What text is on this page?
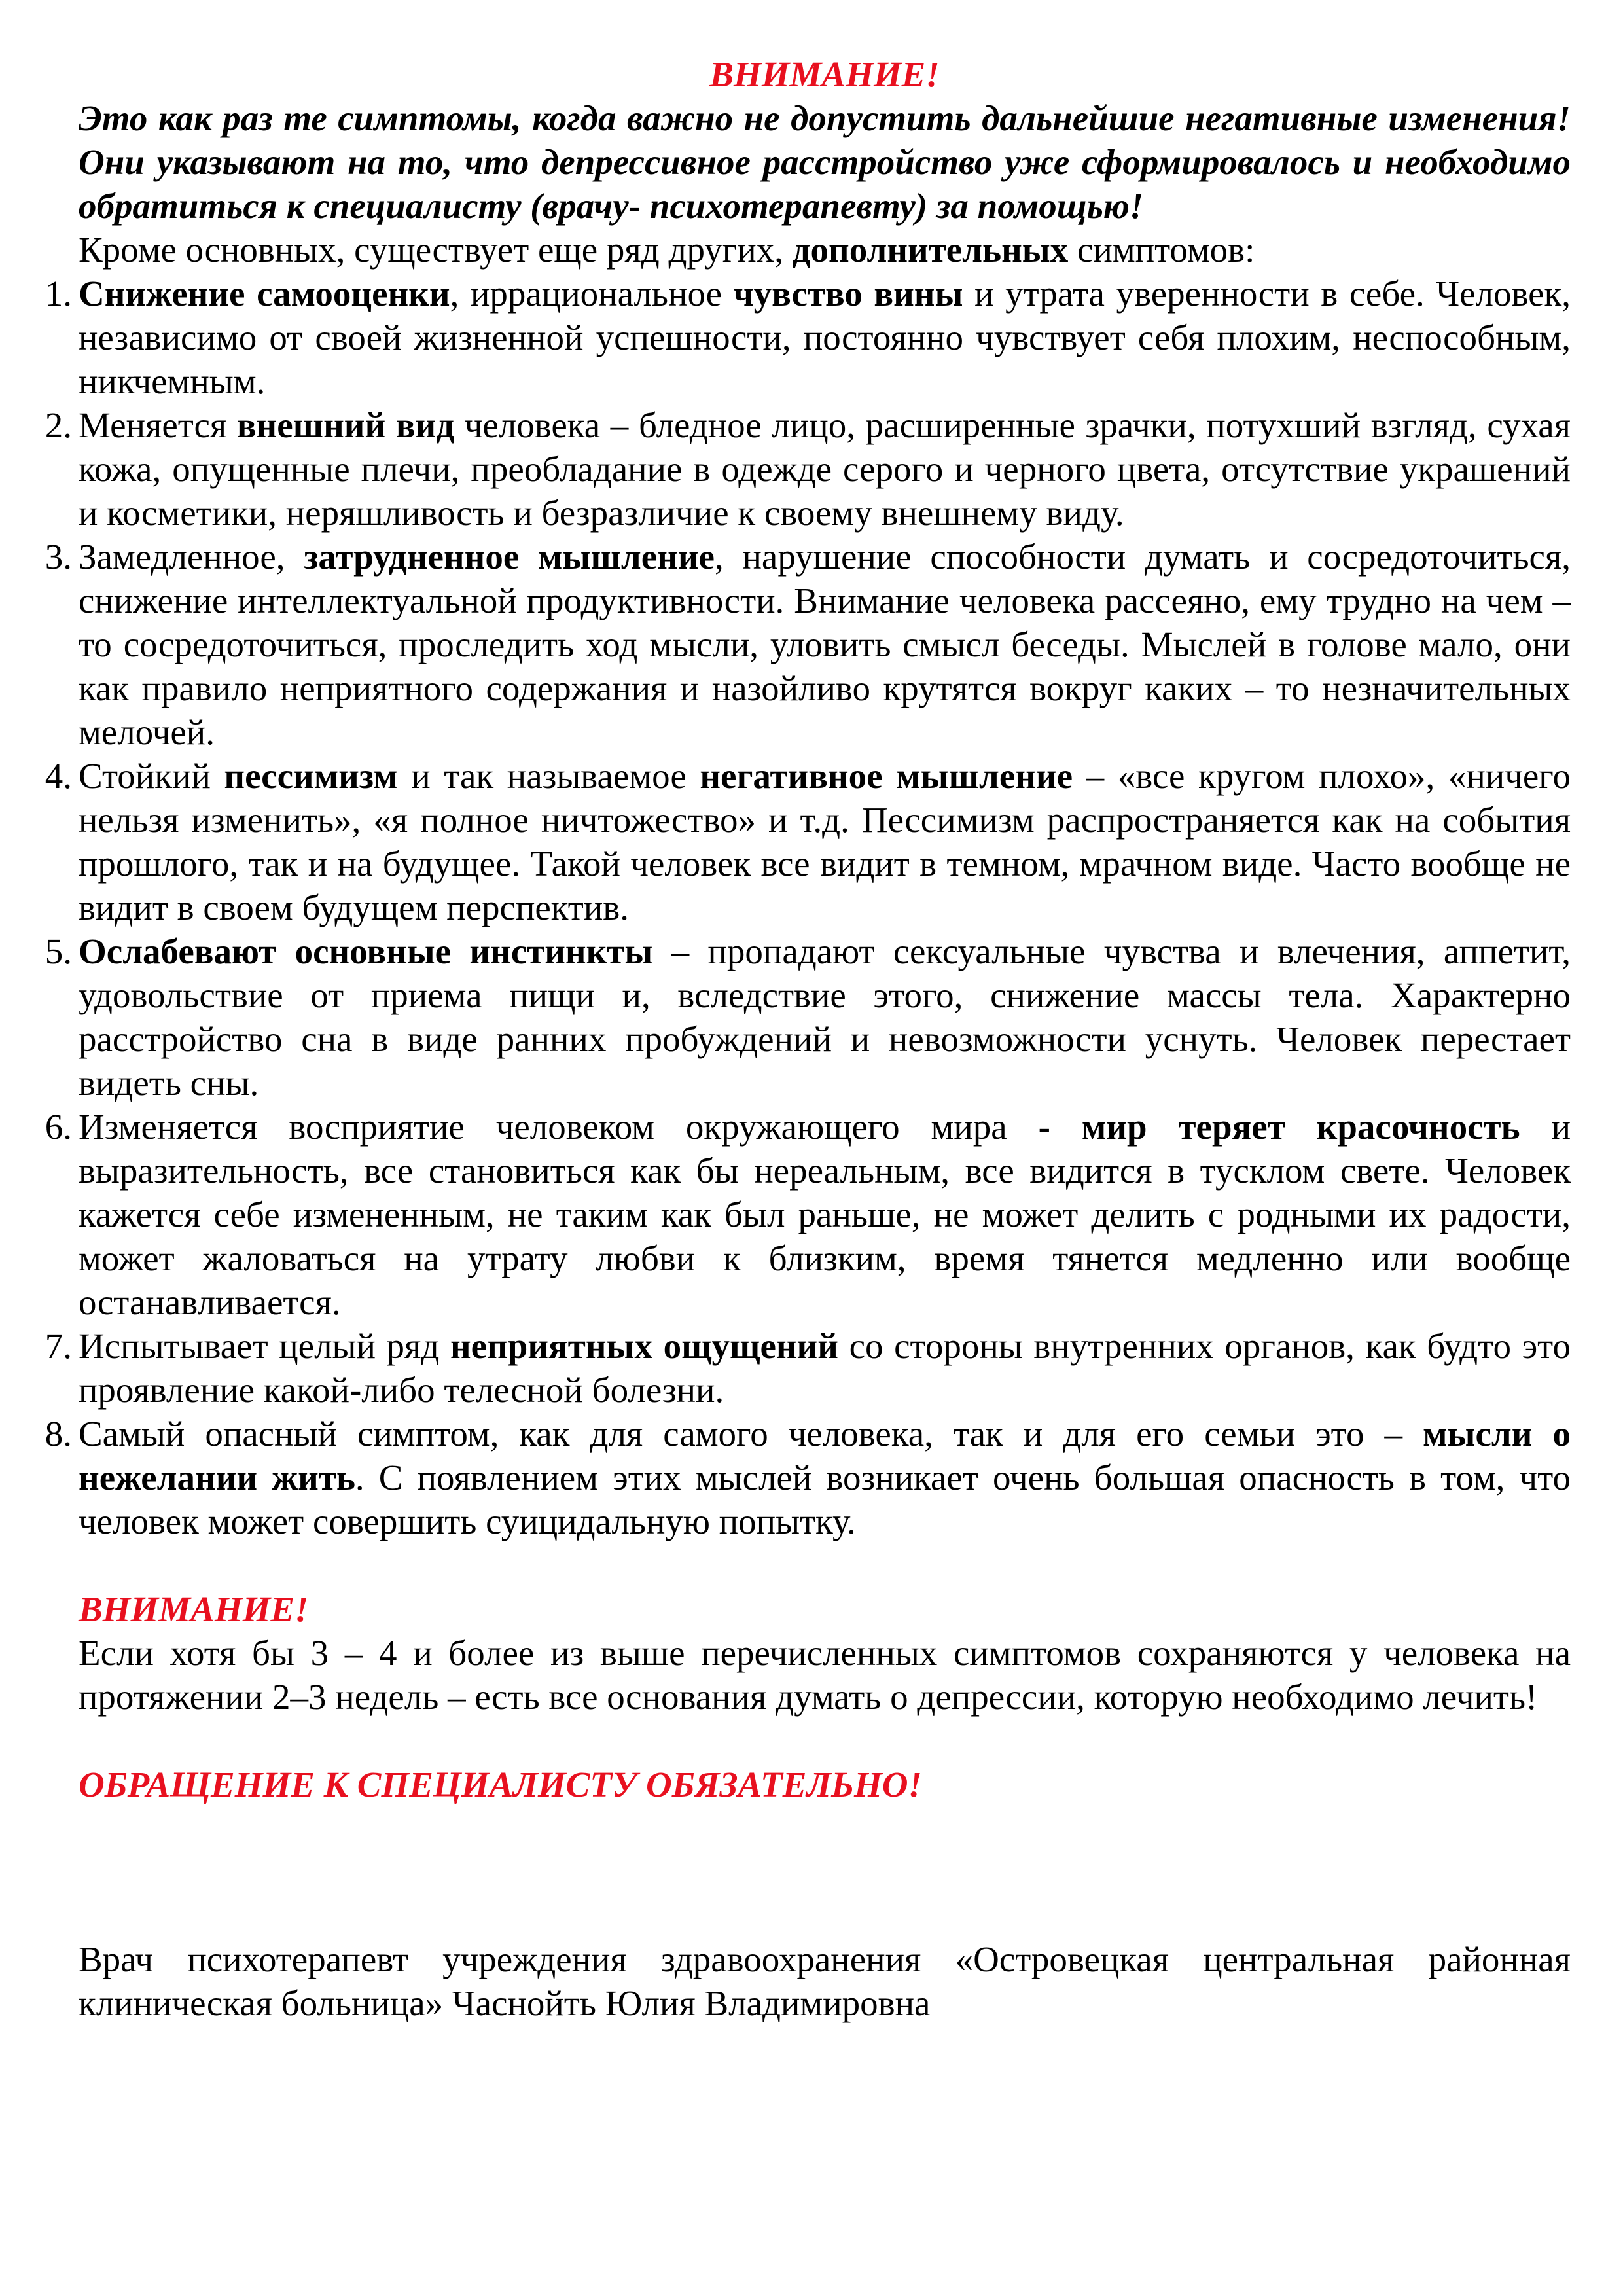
ВНИМАНИЕ!
Это как раз те симптомы, когда важно не допустить дальнейшие негативные изменения! Они указывают на то, что депрессивное расстройство уже сформировалось и необходимо обратиться к специалисту (врачу- психотерапевту) за помощью!
Кроме основных, существует еще ряд других, дополнительных симптомов:
1. Снижение самооценки, иррациональное чувство вины и утрата уверенности в себе. Человек, независимо от своей жизненной успешности, постоянно чувствует себя плохим, неспособным, никчемным.
2. Меняется внешний вид человека – бледное лицо, расширенные зрачки, потухший взгляд, сухая кожа, опущенные плечи, преобладание в одежде серого и черного цвета, отсутствие украшений и косметики, неряшливость и безразличие к своему внешнему виду.
3. Замедленное, затрудненное мышление, нарушение способности думать и сосредоточиться, снижение интеллектуальной продуктивности. Внимание человека рассеяно, ему трудно на чем – то сосредоточиться, проследить ход мысли, уловить смысл беседы. Мыслей в голове мало, они как правило неприятного содержания и назойливо крутятся вокруг каких – то незначительных мелочей.
4. Стойкий пессимизм и так называемое негативное мышление – «все кругом плохо», «ничего нельзя изменить», «я полное ничтожество» и т.д. Пессимизм распространяется как на события прошлого, так и на будущее. Такой человек все видит в темном, мрачном виде. Часто вообще не видит в своем будущем перспектив.
5. Ослабевают основные инстинкты – пропадают сексуальные чувства и влечения, аппетит, удовольствие от приема пищи и, вследствие этого, снижение массы тела. Характерно расстройство сна в виде ранних пробуждений и невозможности уснуть. Человек перестает видеть сны.
6. Изменяется восприятие человеком окружающего мира - мир теряет красочность и выразительность, все становиться как бы нереальным, все видится в тусклом свете. Человек кажется себе измененным, не таким как был раньше, не может делить с родными их радости, может жаловаться на утрату любви к близким, время тянется медленно или вообще останавливается.
7. Испытывает целый ряд неприятных ощущений со стороны внутренних органов, как будто это проявление какой-либо телесной болезни.
8. Самый опасный симптом, как для самого человека, так и для его семьи это – мысли о нежелании жить. С появлением этих мыслей возникает очень большая опасность в том, что человек может совершить суицидальную попытку.
ВНИМАНИЕ!
Если хотя бы 3 – 4 и более из выше перечисленных симптомов сохраняются у человека на протяжении 2–3 недель – есть все основания думать о депрессии, которую необходимо лечить!
ОБРАЩЕНИЕ К СПЕЦИАЛИСТУ ОБЯЗАТЕЛЬНО!
Врач психотерапевт учреждения здравоохранения «Островецкая центральная районная клиническая больница» Часнойть Юлия Владимировна
